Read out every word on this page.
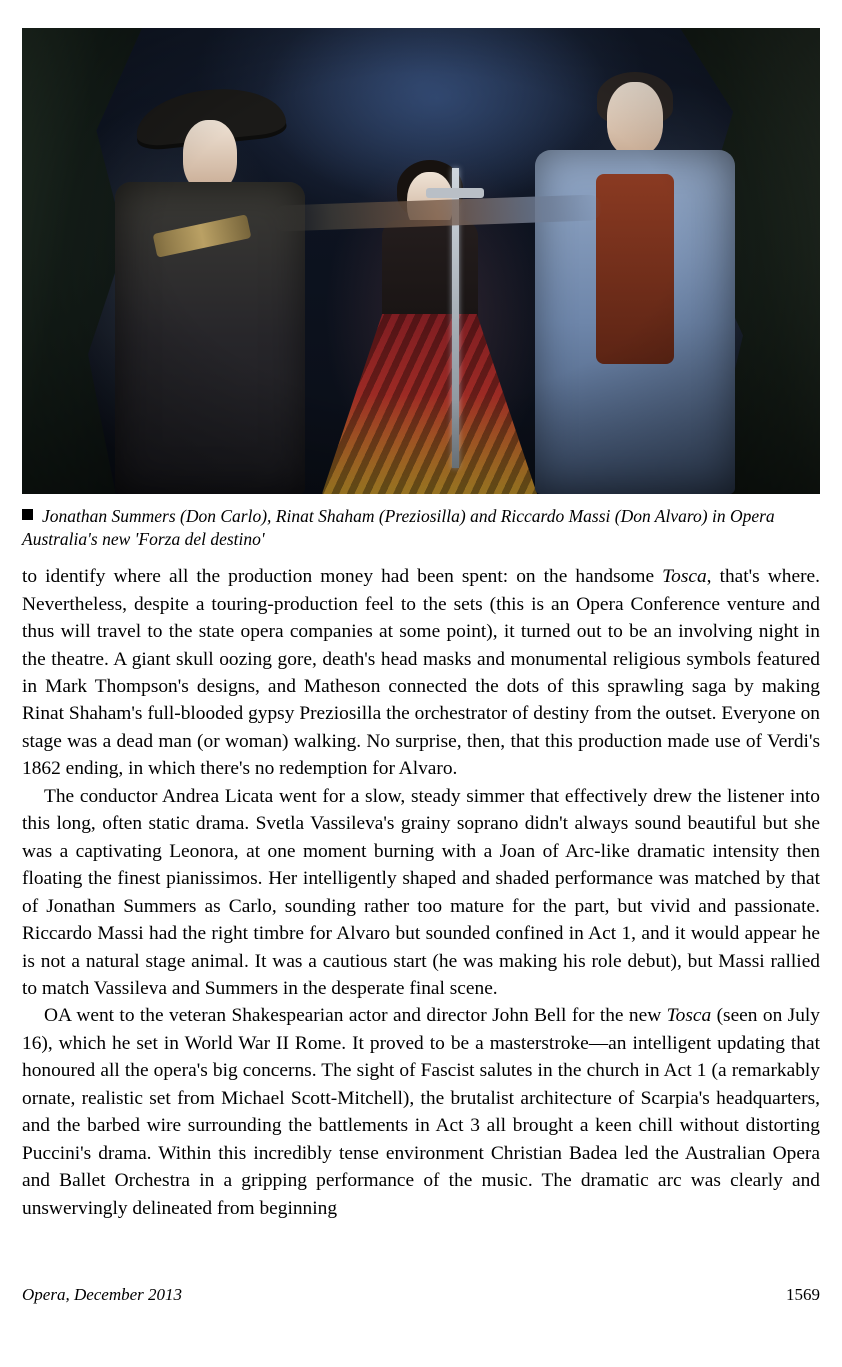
Jonathan Summers (Don Carlo), Rinat Shaham (Preziosilla) and Riccardo Massi (Don Alvaro) in Opera Australia's new 'Forza del destino'

to identify where all the production money had been spent: on the handsome Tosca, that's where. Nevertheless, despite a touring-production feel to the sets (this is an Opera Conference venture and thus will travel to the state opera companies at some point), it turned out to be an involving night in the theatre. A giant skull oozing gore, death's head masks and monumental religious symbols featured in Mark Thompson's designs, and Matheson connected the dots of this sprawling saga by making Rinat Shaham's full-blooded gypsy Preziosilla the orchestrator of destiny from the outset. Everyone on stage was a dead man (or woman) walking. No surprise, then, that this production made use of Verdi's 1862 ending, in which there's no redemption for Alvaro.

The conductor Andrea Licata went for a slow, steady simmer that effectively drew the listener into this long, often static drama. Svetla Vassileva's grainy soprano didn't always sound beautiful but she was a captivating Leonora, at one moment burning with a Joan of Arc-like dramatic intensity then floating the finest pianissimos. Her intelligently shaped and shaded performance was matched by that of Jonathan Summers as Carlo, sounding rather too mature for the part, but vivid and passionate. Riccardo Massi had the right timbre for Alvaro but sounded confined in Act 1, and it would appear he is not a natural stage animal. It was a cautious start (he was making his role debut), but Massi rallied to match Vassileva and Summers in the desperate final scene.

OA went to the veteran Shakespearian actor and director John Bell for the new Tosca (seen on July 16), which he set in World War II Rome. It proved to be a masterstroke—an intelligent updating that honoured all the opera's big concerns. The sight of Fascist salutes in the church in Act 1 (a remarkably ornate, realistic set from Michael Scott-Mitchell), the brutalist architecture of Scarpia's headquarters, and the barbed wire surrounding the battlements in Act 3 all brought a keen chill without distorting Puccini's drama. Within this incredibly tense environment Christian Badea led the Australian Opera and Ballet Orchestra in a gripping performance of the music. The dramatic arc was clearly and unswervingly delineated from beginning

Opera, December 2013	1569
